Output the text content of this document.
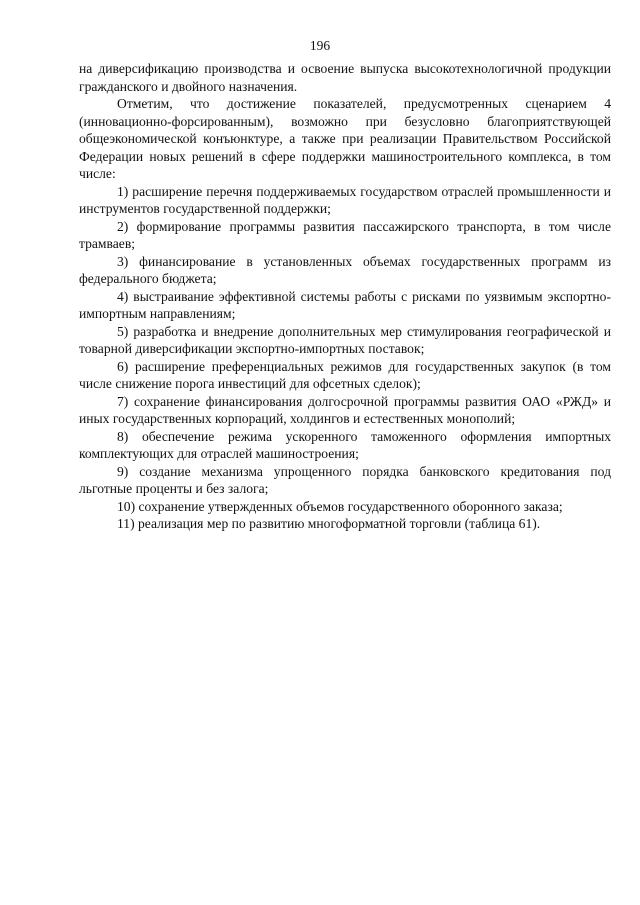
196

на диверсификацию производства и освоение выпуска высокотехнологичной продукции гражданского и двойного назначения.

Отметим, что достижение показателей, предусмотренных сценарием 4 (инновационно-форсированным), возможно при безусловно благоприятствующей общеэкономической конъюнктуре, а также при реализации Правительством Российской Федерации новых решений в сфере поддержки машиностроительного комплекса, в том числе:

1) расширение перечня поддерживаемых государством отраслей промышленности и инструментов государственной поддержки;

2) формирование программы развития пассажирского транспорта, в том числе трамваев;

3) финансирование в установленных объемах государственных программ из федерального бюджета;

4) выстраивание эффективной системы работы с рисками по уязвимым экспортно-импортным направлениям;

5) разработка и внедрение дополнительных мер стимулирования географической и товарной диверсификации экспортно-импортных поставок;

6) расширение преференциальных режимов для государственных закупок (в том числе снижение порога инвестиций для офсетных сделок);

7) сохранение финансирования долгосрочной программы развития ОАО «РЖД» и иных государственных корпораций, холдингов и естественных монополий;

8) обеспечение режима ускоренного таможенного оформления импортных комплектующих для отраслей машиностроения;

9) создание механизма упрощенного порядка банковского кредитования под льготные проценты и без залога;

10) сохранение утвержденных объемов государственного оборонного заказа;

11) реализация мер по развитию многоформатной торговли (таблица 61).
